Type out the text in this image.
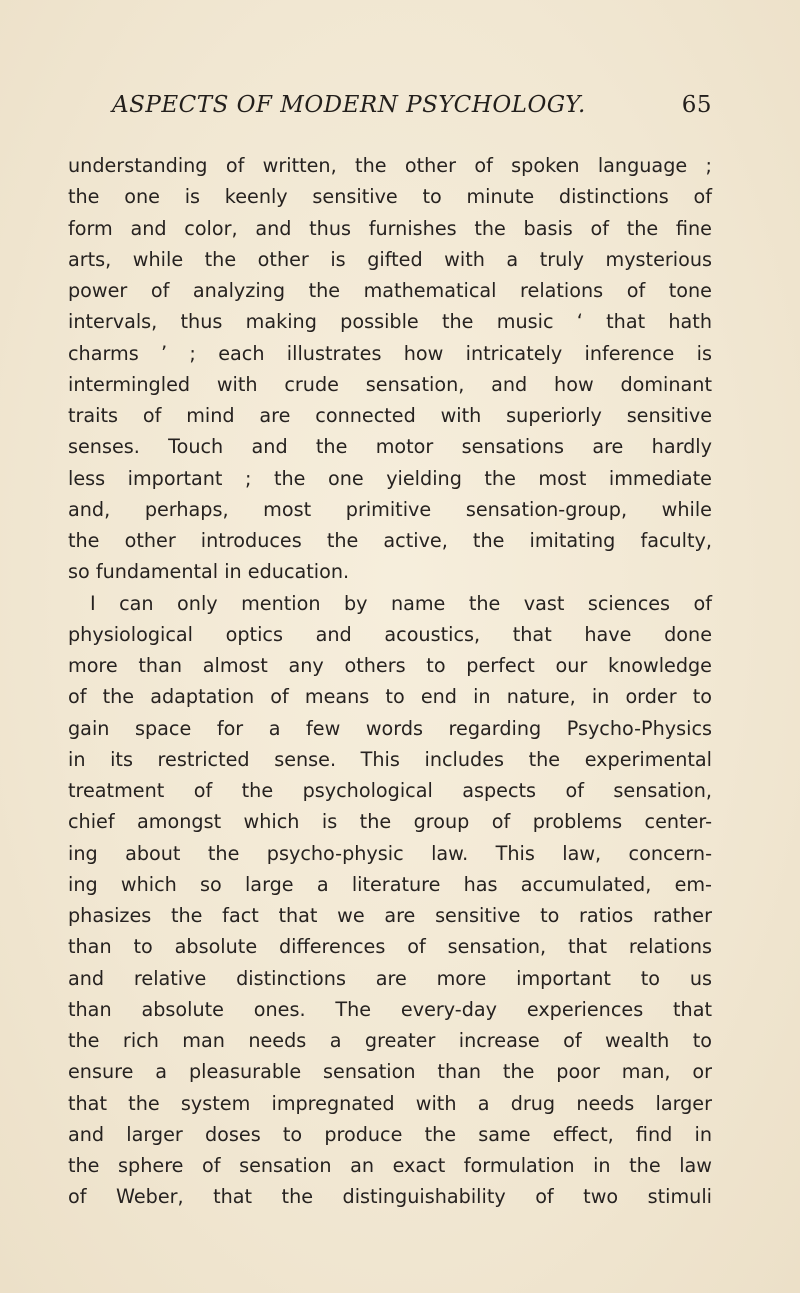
ASPECTS OF MODERN PSYCHOLOGY.	65
understanding of written, the other of spoken language ;
the one is keenly sensitive to minute distinctions of
form and color, and thus furnishes the basis of the fine
arts, while the other is gifted with a truly mysterious
power of analyzing the mathematical relations of tone
intervals, thus making possible the music ‘ that hath
charms ’ ; each illustrates how intricately inference is
intermingled with crude sensation, and how dominant
traits of mind are connected with superiorly sensitive
senses. Touch and the motor sensations are hardly
less important ; the one yielding the most immediate
and, perhaps, most primitive sensation-group, while
the other introduces the active, the imitating faculty,
so fundamental in education.
I can only mention by name the vast sciences of
physiological optics and acoustics, that have done
more than almost any others to perfect our knowledge
of the adaptation of means to end in nature, in order to
gain space for a few words regarding Psycho-Physics
in its restricted sense. This includes the experimental
treatment of the psychological aspects of sensation,
chief amongst which is the group of problems center-
ing about the psycho-physic law. This law, concern-
ing which so large a literature has accumulated, em-
phasizes the fact that we are sensitive to ratios rather
than to absolute differences of sensation, that relations
and relative distinctions are more important to us
than absolute ones. The every-day experiences that
the rich man needs a greater increase of wealth to
ensure a pleasurable sensation than the poor man, or
that the system impregnated with a drug needs larger
and larger doses to produce the same effect, find in
the sphere of sensation an exact formulation in the law
of Weber, that the distinguishability of two stimuli
